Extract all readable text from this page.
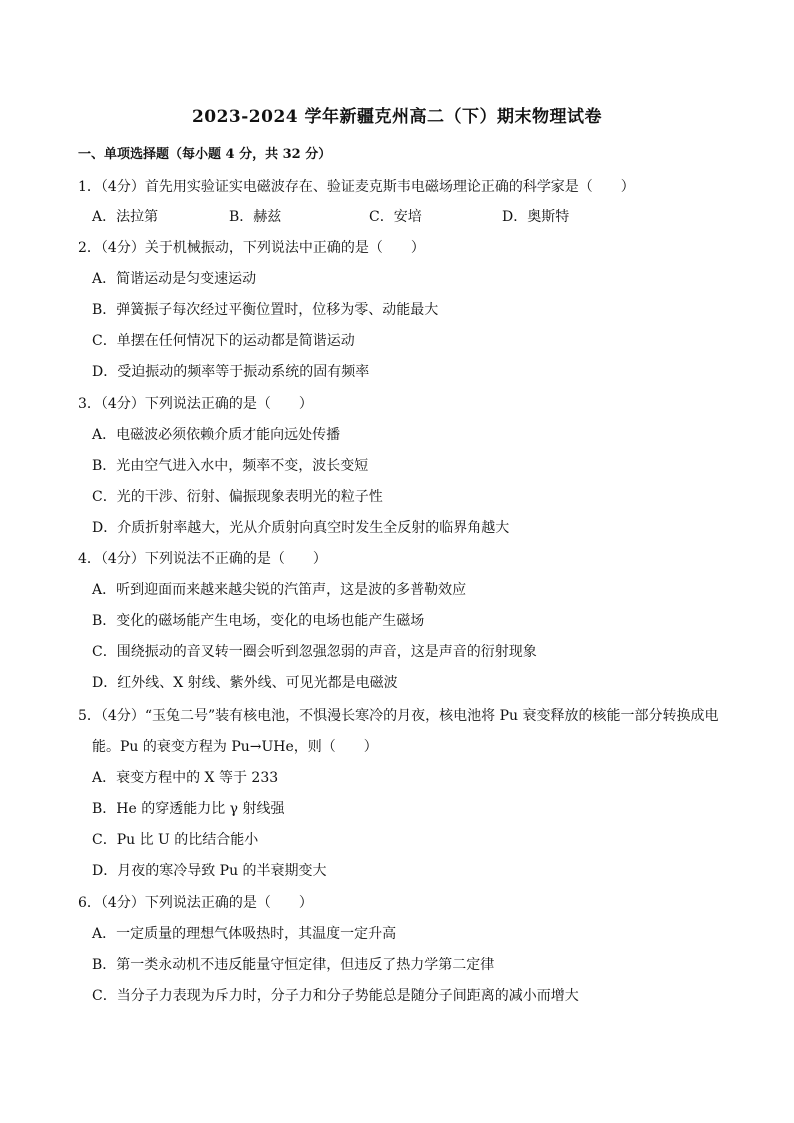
2023-2024 学年新疆克州高二（下）期末物理试卷
一、单项选择题（每小题 4 分，共 32 分）
1．（4分）首先用实验证实电磁波存在、验证麦克斯韦电磁场理论正确的科学家是（　　）
A．法拉第	B．赫兹	C．安培	D．奥斯特
2．（4分）关于机械振动，下列说法中正确的是（　　）
A．简谐运动是匀变速运动
B．弹簧振子每次经过平衡位置时，位移为零、动能最大
C．单摆在任何情况下的运动都是简谐运动
D．受迫振动的频率等于振动系统的固有频率
3．（4分）下列说法正确的是（　　）
A．电磁波必须依赖介质才能向远处传播
B．光由空气进入水中，频率不变，波长变短
C．光的干涉、衍射、偏振现象表明光的粒子性
D．介质折射率越大，光从介质射向真空时发生全反射的临界角越大
4．（4分）下列说法不正确的是（　　）
A．听到迎面而来越来越尖锐的汽笛声，这是波的多普勒效应
B．变化的磁场能产生电场，变化的电场也能产生磁场
C．围绕振动的音叉转一圈会听到忽强忽弱的声音，这是声音的衍射现象
D．红外线、X 射线、紫外线、可见光都是电磁波
5．（4分）“玉兔二号”装有核电池，不惧漫长寒冷的月夜，核电池将 Pu 衰变释放的核能一部分转换成电
能。Pu 的衰变方程为 Pu→UHe，则（　　）
A．衰变方程中的 X 等于 233
B．He 的穿透能力比 γ 射线强
C．Pu 比 U 的比结合能小
D．月夜的寒冷导致 Pu 的半衰期变大
6．（4分）下列说法正确的是（　　）
A．一定质量的理想气体吸热时，其温度一定升高
B．第一类永动机不违反能量守恒定律，但违反了热力学第二定律
C．当分子力表现为斥力时，分子力和分子势能总是随分子间距离的减小而增大
